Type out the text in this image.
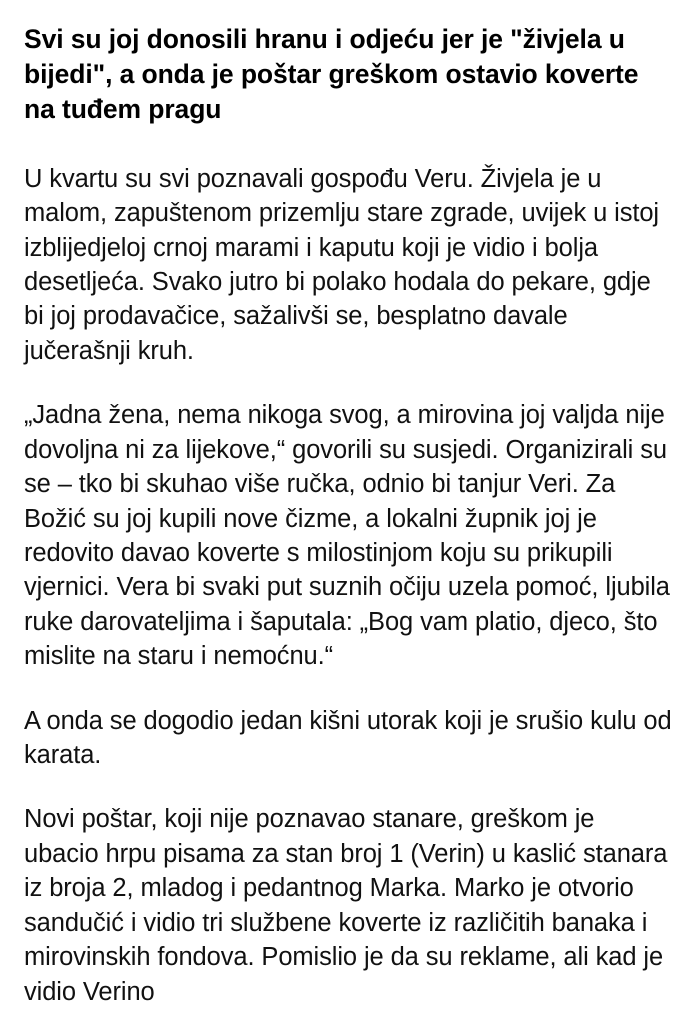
Svi su joj donosili hranu i odjeću jer je "živjela u bijedi", a onda je poštar greškom ostavio koverte na tuđem pragu

U kvartu su svi poznavali gospođu Veru. Živjela je u malom, zapuštenom prizemlju stare zgrade, uvijek u istoj izblijedjeloj crnoj marami i kaputu koji je vidio i bolja desetljeća. Svako jutro bi polako hodala do pekare, gdje bi joj prodavačice, sažalivši se, besplatno davale jučerašnji kruh.

„Jadna žena, nema nikoga svog, a mirovina joj valjda nije dovoljna ni za lijekove,“ govorili su susjedi. Organizirali su se – tko bi skuhao više ručka, odnio bi tanjur Veri. Za Božić su joj kupili nove čizme, a lokalni župnik joj je redovito davao koverte s milostinjom koju su prikupili vjernici. Vera bi svaki put suznih očiju uzela pomoć, ljubila ruke darovateljima i šaputala: „Bog vam platio, djeco, što mislite na staru i nemoćnu.“

A onda se dogodio jedan kišni utorak koji je srušio kulu od karata.

Novi poštar, koji nije poznavao stanare, greškom je ubacio hrpu pisama za stan broj 1 (Verin) u kaslić stanara iz broja 2, mladog i pedantnog Marka. Marko je otvorio sandučić i vidio tri službene koverte iz različitih banaka i mirovinskih fondova. Pomislio je da su reklame, ali kad je vidio Verino
